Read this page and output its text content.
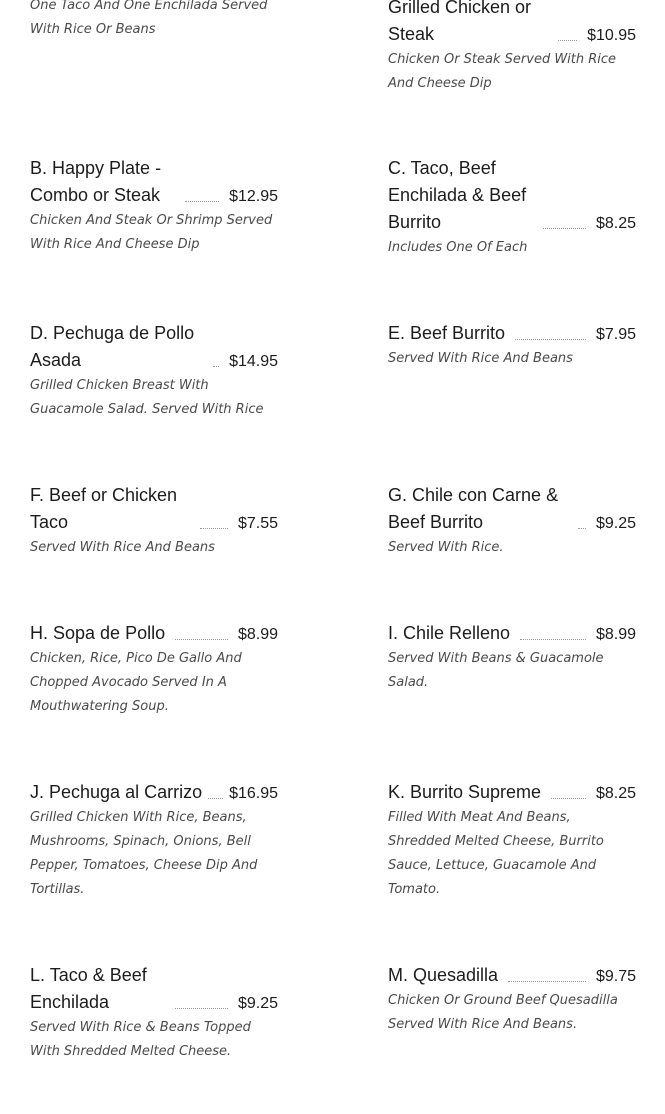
One Taco And One Enchilada Served With Rice Or Beans
Grilled Chicken or Steak	$10.95
Chicken Or Steak Served With Rice And Cheese Dip
B. Happy Plate - Combo or Steak	$12.95
Chicken And Steak Or Shrimp Served With Rice And Cheese Dip
C. Taco, Beef Enchilada & Beef Burrito	$8.25
Includes One Of Each
D. Pechuga de Pollo Asada	$14.95
Grilled Chicken Breast With Guacamole Salad. Served With Rice
E. Beef Burrito	$7.95
Served With Rice And Beans
F. Beef or Chicken Taco	$7.55
Served With Rice And Beans
G. Chile con Carne & Beef Burrito	$9.25
Served With Rice.
H. Sopa de Pollo	$8.99
Chicken, Rice, Pico De Gallo And Chopped Avocado Served In A Mouthwatering Soup.
I. Chile Relleno	$8.99
Served With Beans & Guacamole Salad.
J. Pechuga al Carrizo $16.95
Grilled Chicken With Rice, Beans, Mushrooms, Spinach, Onions, Bell Pepper, Tomatoes, Cheese Dip And Tortillas.
K. Burrito Supreme	$8.25
Filled With Meat And Beans, Shredded Melted Cheese, Burrito Sauce, Lettuce, Guacamole And Tomato.
L. Taco & Beef Enchilada	$9.25
Served With Rice & Beans Topped With Shredded Melted Cheese.
M. Quesadilla	$9.75
Chicken Or Ground Beef Quesadilla Served With Rice And Beans.
